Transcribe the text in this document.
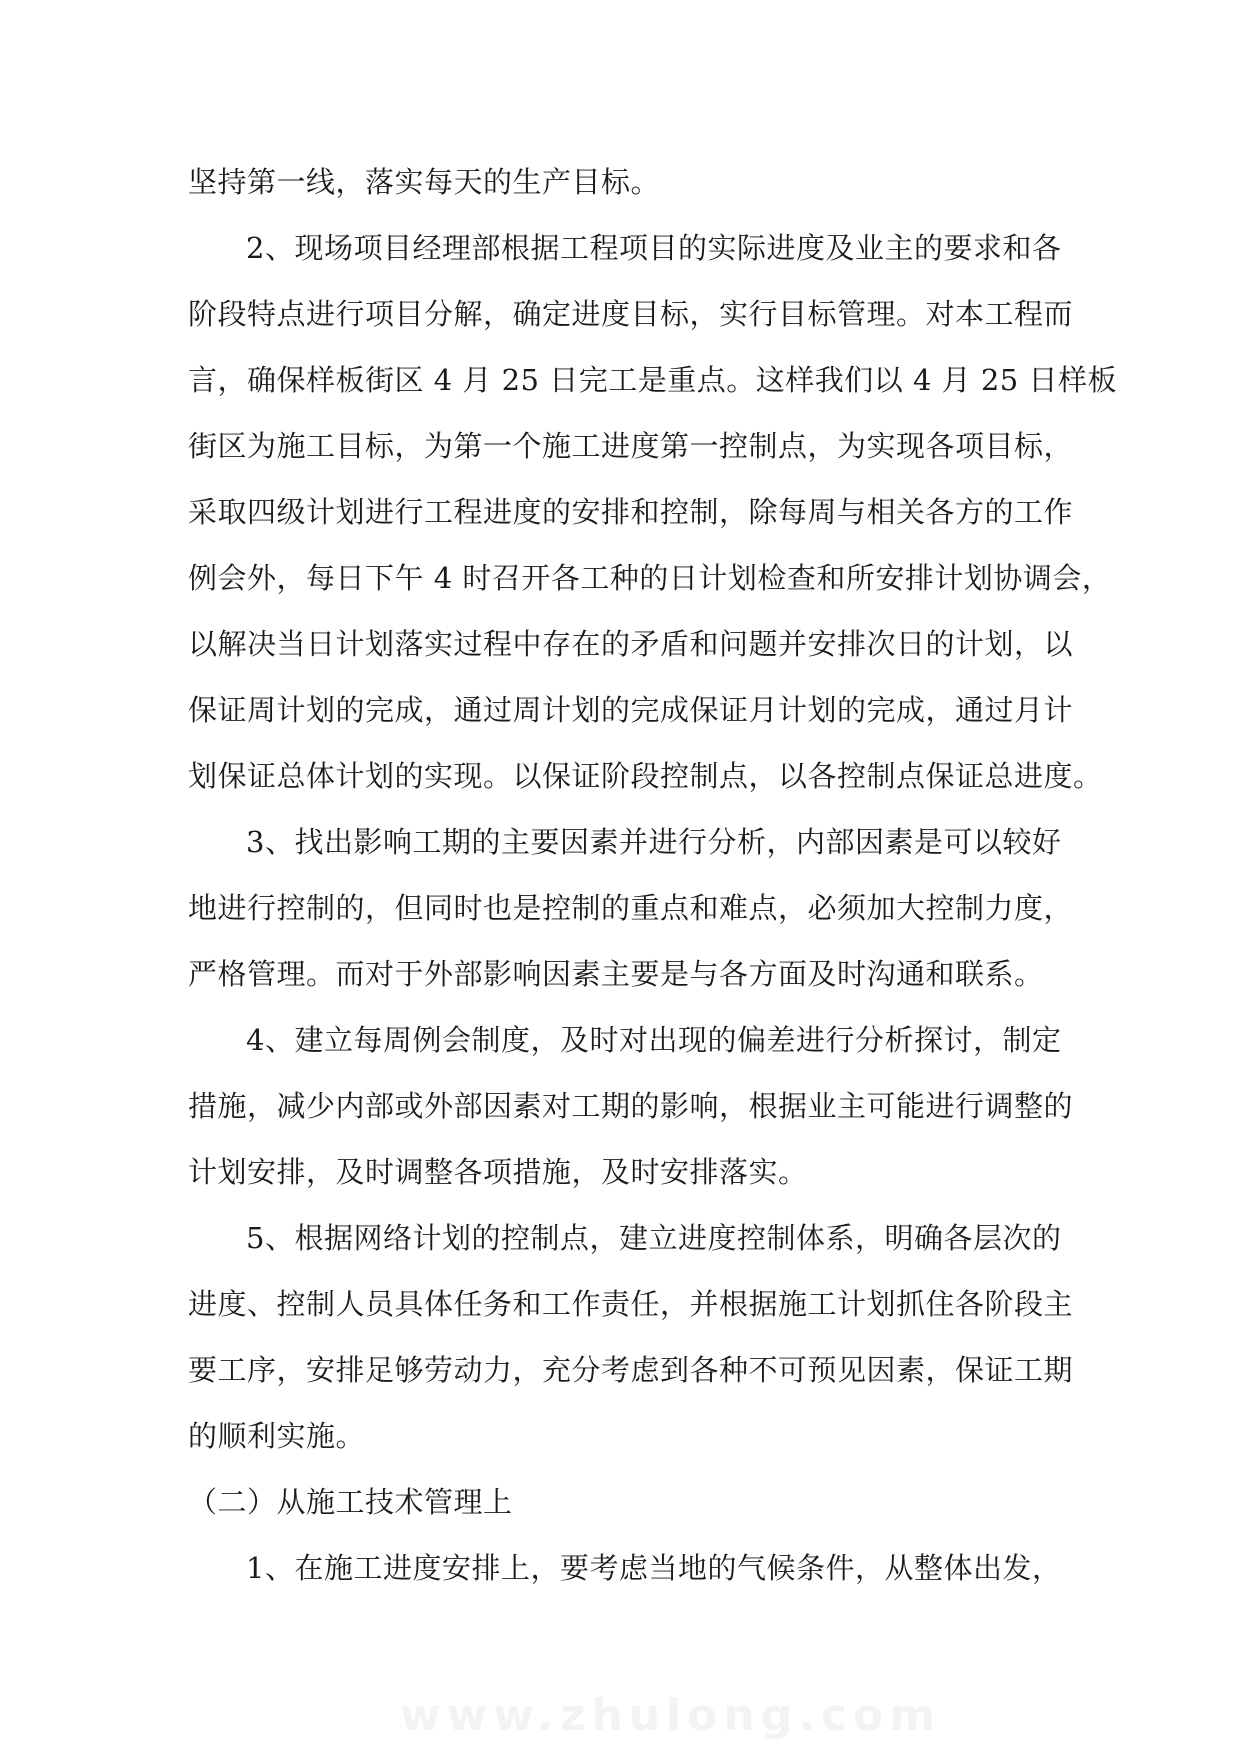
坚持第一线，落实每天的生产目标。
2、现场项目经理部根据工程项目的实际进度及业主的要求和各
阶段特点进行项目分解，确定进度目标，实行目标管理。对本工程而
言，确保样板街区 4 月 25 日完工是重点。这样我们以 4 月 25 日样板
街区为施工目标，为第一个施工进度第一控制点，为实现各项目标，
采取四级计划进行工程进度的安排和控制，除每周与相关各方的工作
例会外，每日下午 4 时召开各工种的日计划检查和所安排计划协调会，
以解决当日计划落实过程中存在的矛盾和问题并安排次日的计划，以
保证周计划的完成，通过周计划的完成保证月计划的完成，通过月计
划保证总体计划的实现。以保证阶段控制点，以各控制点保证总进度。
3、找出影响工期的主要因素并进行分析，内部因素是可以较好
地进行控制的，但同时也是控制的重点和难点，必须加大控制力度，
严格管理。而对于外部影响因素主要是与各方面及时沟通和联系。
4、建立每周例会制度，及时对出现的偏差进行分析探讨，制定
措施，减少内部或外部因素对工期的影响，根据业主可能进行调整的
计划安排，及时调整各项措施，及时安排落实。
5、根据网络计划的控制点，建立进度控制体系，明确各层次的
进度、控制人员具体任务和工作责任，并根据施工计划抓住各阶段主
要工序，安排足够劳动力，充分考虑到各种不可预见因素，保证工期
的顺利实施。
（二）从施工技术管理上
1、在施工进度安排上，要考虑当地的气候条件，从整体出发，
www.zhulong.com
